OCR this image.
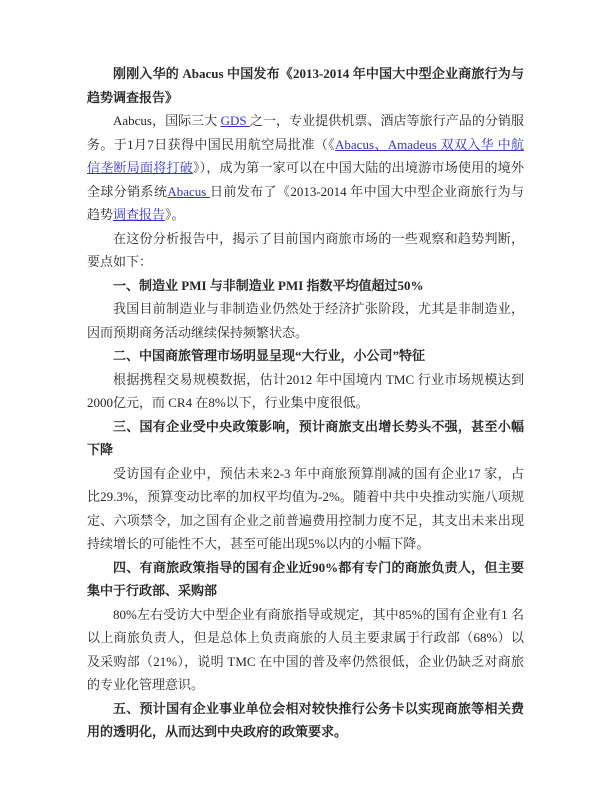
刚刚入华的 Abacus 中国发布《2013-2014 年中国大中型企业商旅行为与趋势调查报告》

Aabcus，国际三大 GDS 之一，专业提供机票、酒店等旅行产品的分销服务。于1月7日获得中国民用航空局批准（《Abacus、Amadeus 双双入华 中航信垄断局面将打破》），成为第一家可以在中国大陆的出境游市场使用的境外全球分销系统Abacus 日前发布了《2013-2014 年中国大中型企业商旅行为与趋势调查报告》。

在这份分析报告中，揭示了目前国内商旅市场的一些观察和趋势判断，要点如下：

一、制造业 PMI 与非制造业 PMI 指数平均值超过50%

我国目前制造业与非制造业仍然处于经济扩张阶段，尤其是非制造业，因而预期商务活动继续保持频繁状态。

二、中国商旅管理市场明显呈现“大行业，小公司”特征

根据携程交易规模数据，估计2012 年中国境内 TMC 行业市场规模达到2000亿元，而 CR4 在8%以下，行业集中度很低。

三、国有企业受中央政策影响，预计商旅支出增长势头不强，甚至小幅下降

受访国有企业中，预估未来2-3 年中商旅预算削减的国有企业17 家，占比29.3%，预算变动比率的加权平均值为-2%。随着中共中央推动实施八项规定、六项禁令，加之国有企业之前普遍费用控制力度不足，其支出未来出现持续增长的可能性不大，甚至可能出现5%以内的小幅下降。

四、有商旅政策指导的国有企业近90%都有专门的商旅负责人，但主要集中于行政部、采购部

80%左右受访大中型企业有商旅指导或规定，其中85%的国有企业有1 名以上商旅负责人，但是总体上负责商旅的人员主要隶属于行政部（68%）以及采购部（21%），说明 TMC 在中国的普及率仍然很低，企业仍缺乏对商旅的专业化管理意识。

五、预计国有企业事业单位会相对较快推行公务卡以实现商旅等相关费用的透明化，从而达到中央政府的政策要求。
